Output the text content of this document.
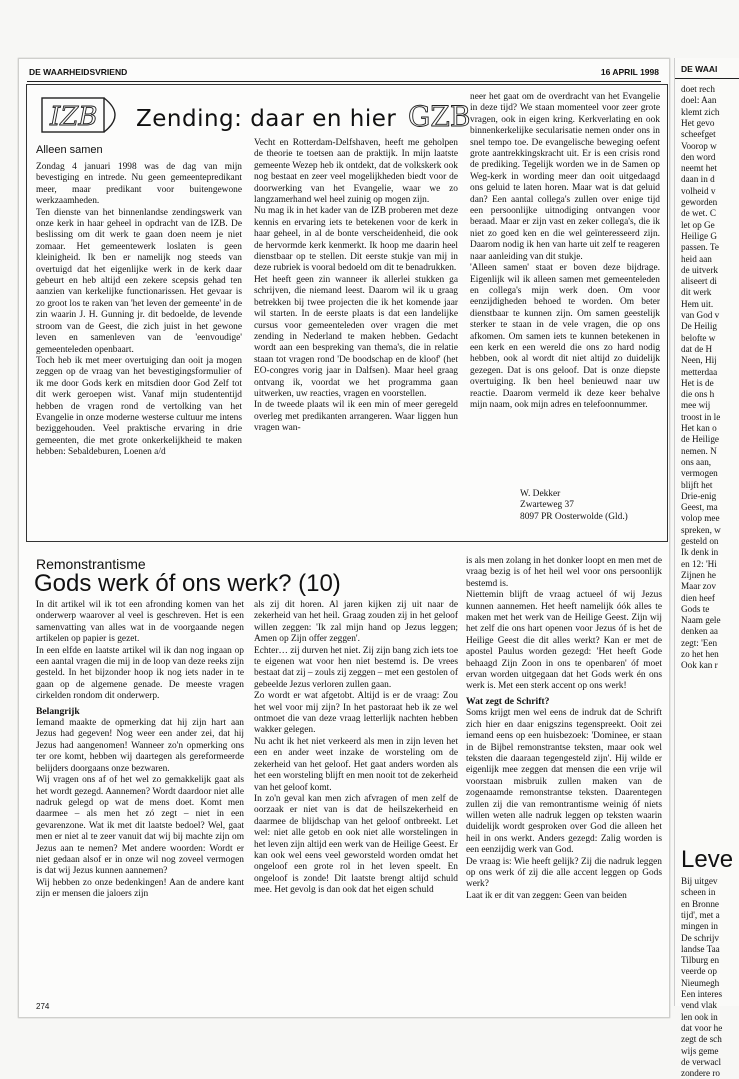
DE WAARHEIDSVRIEND	16 APRIL 1998	DE WAAI
doet rech
doel: Aan
klemt zich
Het gevo
scheefget
Voorop w
den word
neemt het
daan in d
volheid v
geworden
de wet. C
let op Ge
Heilige G
passen. Te
heid aan
de uitverk
aliseert di
dit werk
Hem uit.
van God v
De Heilig
belofte w
dat de H
Neen, Hij
metterdaa
Het is de
die ons h
mee wij
troost in le
Het kan o
de Heilige
nemen. N
ons aan,
vermogen
blijft het
Drie-enig
Geest, ma
volop mee
spreken, w
gesteld on
Ik denk in
en 12: 'Hi
Zijnen he
Maar zov
dien heef
Gods te
Naam gele
denken aa
zegt: 'Een
zo het hen
Ook kan r
Leve
Bij uitgev
scheen in
en Bronne
tijd', met a
mingen in
De schrijv
landse Taa
Tilburg en
veerde op
Nieumegh
Een interes
vend vlak
len ook in
dat voor he
zegt de sch
wijs geme
de verwacl
zondere ro
IZB Zending: daar en hier GZB
Alleen samen

Zondag 4 januari 1998 was de dag van mijn bevestiging en intrede. Nu geen gemeentepredikant meer, maar predikant voor buitengewone werkzaamheden.

Ten dienste van het binnenlandse zendingswerk van onze kerk in haar geheel in opdracht van de IZB. De beslissing om dit werk te gaan doen neem je niet zomaar. Het gemeentewerk loslaten is geen kleinigheid. Ik ben er namelijk nog steeds van overtuigd dat het eigenlijke werk in de kerk daar gebeurt en heb altijd een zekere scepsis gehad ten aanzien van kerkelijke functionarissen. Het gevaar is zo groot los te raken van 'het leven der gemeente' in de zin waarin J. H. Gunning jr. dit bedoelde, de levende stroom van de Geest, die zich juist in het gewone leven en samenleven van de 'eenvoudige' gemeenteleden openbaart.

Toch heb ik met meer overtuiging dan ooit ja mogen zeggen op de vraag van het bevestigingsformulier of ik me door Gods kerk en mitsdien door God Zelf tot dit werk geroepen wist. Vanaf mijn studententijd hebben de vragen rond de vertolking van het Evangelie in onze moderne westerse cultuur me intens beziggehouden. Veel praktische ervaring in drie gemeenten, die met grote onkerkelijkheid te maken hebben: Sebaldeburen, Loenen a/d

Vecht en Rotterdam-Delfshaven, heeft me geholpen de theorie te toetsen aan de praktijk. In mijn laatste gemeente Wezep heb ik ontdekt, dat de volkskerk ook nog bestaat en zeer veel mogelijkheden biedt voor de doorwerking van het Evangelie, waar we zo langzamerhand wel heel zuinig op mogen zijn.

Nu mag ik in het kader van de IZB proberen met deze kennis en ervaring iets te betekenen voor de kerk in haar geheel, in al de bonte verscheidenheid, die ook de hervormde kerk kenmerkt. Ik hoop me daarin heel dienstbaar op te stellen. Dit eerste stukje van mij in deze rubriek is vooral bedoeld om dit te benadrukken.

Het heeft geen zin wanneer ik allerlei stukken ga schrijven, die niemand leest. Daarom wil ik u graag betrekken bij twee projecten die ik het komende jaar wil starten. In de eerste plaats is dat een landelijke cursus voor gemeenteleden over vragen die met zending in Nederland te maken hebben. Gedacht wordt aan een bespreking van thema's, die in relatie staan tot vragen rond 'De boodschap en de kloof' (het EO-congres vorig jaar in Dalfsen). Maar heel graag ontvang ik, voordat we het programma gaan uitwerken, uw reacties, vragen en voorstellen.

In de tweede plaats wil ik een min of meer geregeld overleg met predikanten arrangeren. Waar liggen hun vragen wan-

neer het gaat om de overdracht van het Evangelie in deze tijd? We staan momenteel voor zeer grote vragen, ook in eigen kring. Kerkverlating en ook binnenkerkelijke secularisatie nemen onder ons in snel tempo toe. De evangelische beweging oefent grote aantrekkingskracht uit. Er is een crisis rond de prediking. Tegelijk worden we in de Samen op Weg-kerk in wording meer dan ooit uitgedaagd ons geluid te laten horen. Maar wat is dat geluid dan? Een aantal collega's zullen over enige tijd een persoonlijke uitnodiging ontvangen voor beraad. Maar er zijn vast en zeker collega's, die ik niet zo goed ken en die wel geïnteresseerd zijn. Daarom nodig ik hen van harte uit zelf te reageren naar aanleiding van dit stukje.

'Alleen samen' staat er boven deze bijdrage. Eigenlijk wil ik alleen samen met gemeenteleden en collega's mijn werk doen. Om voor eenzijdigheden behoed te worden. Om beter dienstbaar te kunnen zijn. Om samen geestelijk sterker te staan in de vele vragen, die op ons afkomen. Om samen iets te kunnen betekenen in een kerk en een wereld die ons zo hard nodig hebben, ook al wordt dit niet altijd zo duidelijk gezegen. Dat is ons geloof. Dat is onze diepste overtuiging. Ik ben heel benieuwd naar uw reactie. Daarom vermeld ik deze keer behalve mijn naam, ook mijn adres en telefoonnummer.

W. Dekker
Zwarteweg 37
8097 PR Oosterwolde (Gld.)
Remonstrantisme
Gods werk óf ons werk? (10)

In dit artikel wil ik tot een afronding komen van het onderwerp waarover al veel is geschreven. Het is een samenvatting van alles wat in de voorgaande negen artikelen op papier is gezet.

In een elfde en laatste artikel wil ik dan nog ingaan op een aantal vragen die mij in de loop van deze reeks zijn gesteld. In het bijzonder hoop ik nog iets nader in te gaan op de algemene genade. De meeste vragen cirkelden rondom dit onderwerp.

Belangrijk

Iemand maakte de opmerking dat hij zijn hart aan Jezus had gegeven! Nog weer een ander zei, dat hij Jezus had aangenomen! Wanneer zo'n opmerking ons ter ore komt, hebben wij daartegen als gereformeerde belijders doorgaans onze bezwaren.

Wij vragen ons af of het wel zo gemakkelijk gaat als het wordt gezegd. Aannemen? Wordt daardoor niet alle nadruk gelegd op wat de mens doet. Komt men daarmee – als men het zó zegt – niet in een gevarenzone. Wat ik met dit laatste bedoel? Wel, gaat men er niet al te zeer vanuit dat wij bij machte zijn om Jezus aan te nemen? Met andere woorden: Wordt er niet gedaan alsof er in onze wil nog zoveel vermogen is dat wij Jezus kunnen aannemen?

Wij hebben zo onze bedenkingen! Aan de andere kant zijn er mensen die jaloers zijn

als zij dit horen. Al jaren kijken zij uit naar de zekerheid van het heil. Graag zouden zij in het geloof willen zeggen: 'Ik zal mijn hand op Jezus leggen; Amen op Zijn offer zeggen'.

Echter… zij durven het niet. Zij zijn bang zich iets toe te eigenen wat voor hen niet bestemd is. De vrees bestaat dat zij – zouls zij zeggen – met een gestolen of gebeelde Jezus verloren zullen gaan.

Zo wordt er wat afgetobt. Altijd is er de vraag: Zou het wel voor mij zijn? In het pastoraat heb ik ze wel ontmoet die van deze vraag letterlijk nachten hebben wakker gelegen.

Nu acht ik het niet verkeerd als men in zijn leven het een en ander weet inzake de worsteling om de zekerheid van het geloof. Het gaat anders worden als het een worsteling blijft en men nooit tot de zekerheid van het geloof komt.

In zo'n geval kan men zich afvragen of men zelf de oorzaak er niet van is dat de heilszekerheid en daarmee de blijdschap van het geloof ontbreekt. Let wel: niet alle getob en ook niet alle worstelingen in het leven zijn altijd een werk van de Heilige Geest. Er kan ook wel eens veel geworsteld worden omdat het ongeloof een grote rol in het leven speelt. En ongeloof is zonde! Dit laatste brengt altijd schuld mee. Het gevolg is dan ook dat het eigen schuld

is als men zolang in het donker loopt en men met de vraag bezig is of het heil wel voor ons persoonlijk bestemd is.

Niettemin blijft de vraag actueel óf wij Jezus kunnen aannemen. Het heeft namelijk óók alles te maken met het werk van de Heilige Geest. Zijn wij het zelf die ons hart openen voor Jezus óf is het de Heilige Geest die dit alles werkt? Kan er met de apostel Paulus worden gezegd: 'Het heeft Gode behaagd Zijn Zoon in ons te openbaren' óf moet ervan worden uitgegaan dat het Gods werk én ons werk is. Met een sterk accent op ons werk!

Wat zegt de Schrift?

Soms krijgt men wel eens de indruk dat de Schrift zich hier en daar enigszins tegenspreekt. Ooit zei iemand eens op een huisbezoek: 'Dominee, er staan in de Bijbel remonstrantse teksten, maar ook wel teksten die daaraan tegengesteld zijn'. Hij wilde er eigenlijk mee zeggen dat mensen die een vrije wil voorstaan misbruik zullen maken van de zogenaamde remonstrantse teksten. Daarentegen zullen zij die van remontrantisme weinig óf niets willen weten alle nadruk leggen op teksten waarin duidelijk wordt gesproken over God die alleen het heil in ons werkt. Anders gezegd: Zalig worden is een eenzijdig werk van God.

De vraag is: Wie heeft gelijk? Zij die nadruk leggen op ons werk óf zij die alle accent leggen op Gods werk?

Laat ik er dit van zeggen: Geen van beiden

274
